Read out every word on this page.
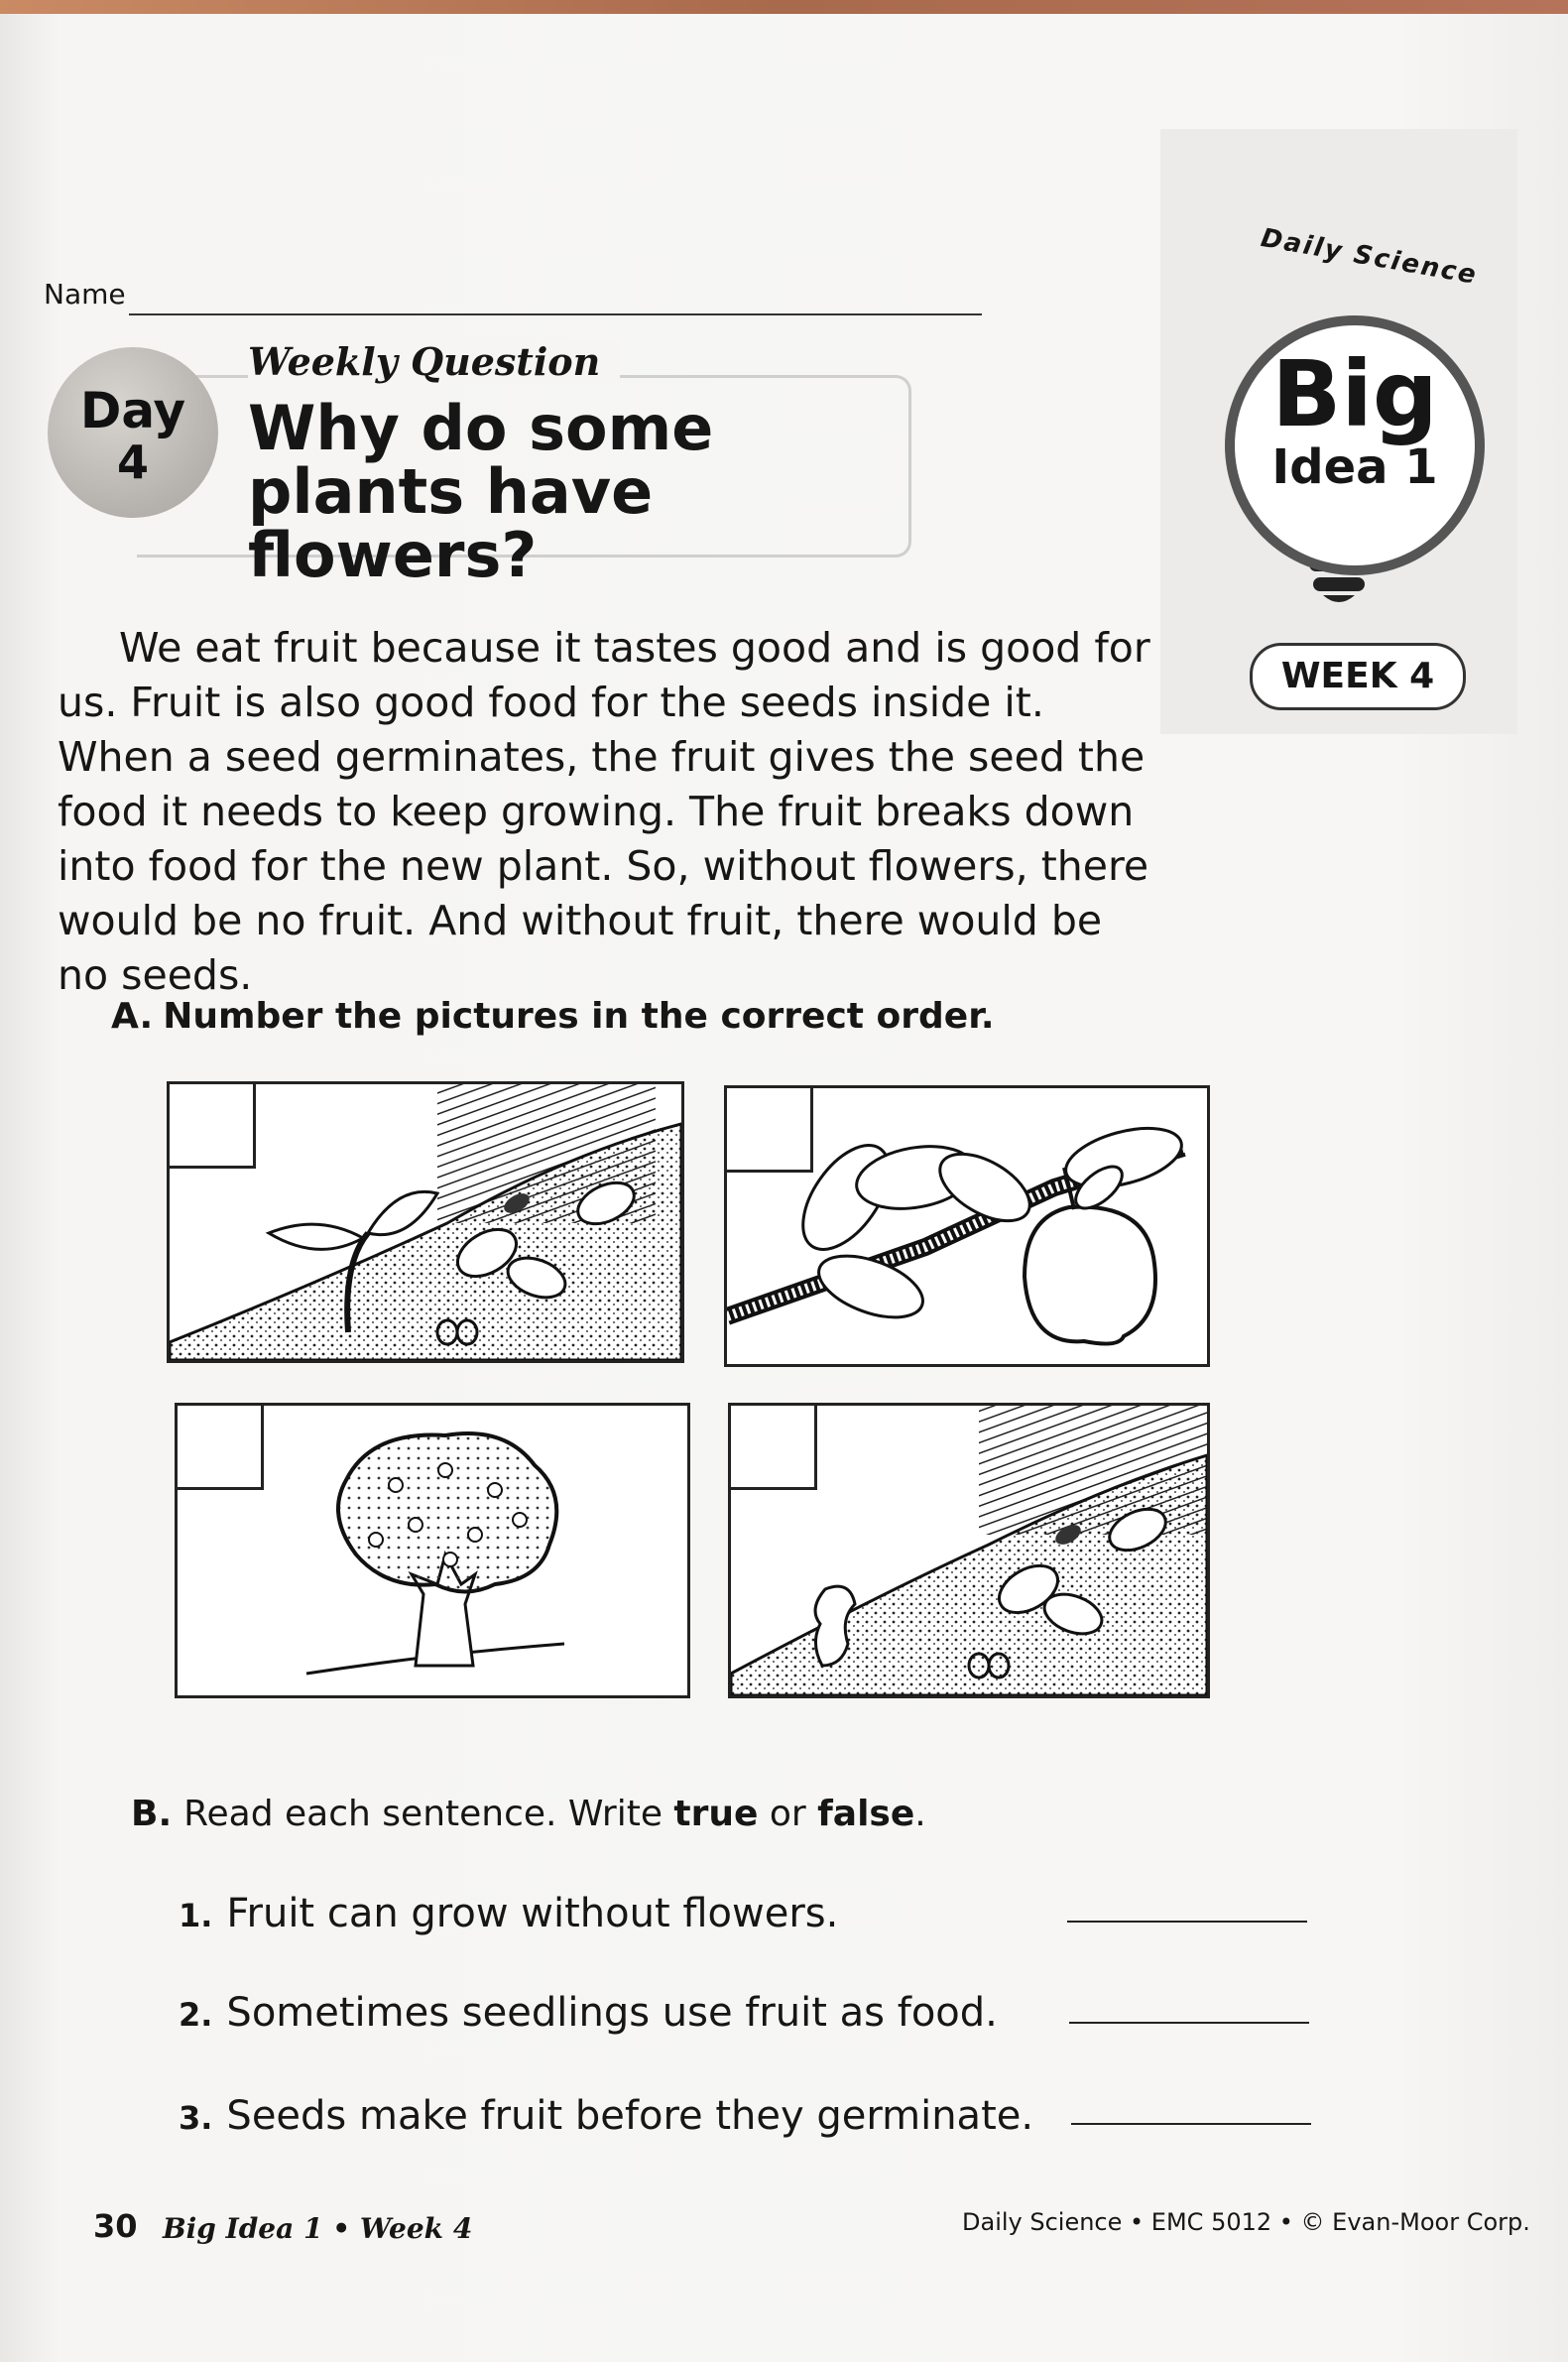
Name
Day
4
Weekly Question
Why do some plants have flowers?
Daily Science
Big
Idea 1
WEEK 4
We eat fruit because it tastes good and is good for us. Fruit is also good food for the seeds inside it. When a seed germinates, the fruit gives the seed the food it needs to keep growing. The fruit breaks down into food for the new plant. So, without flowers, there would be no fruit. And without fruit, there would be no seeds.
A. Number the pictures in the correct order.
B. Read each sentence. Write true or false.
1. Fruit can grow without flowers.
2. Sometimes seedlings use fruit as food.
3. Seeds make fruit before they germinate.
30 Big Idea 1 • Week 4	Daily Science • EMC 5012 • © Evan-Moor Corp.
